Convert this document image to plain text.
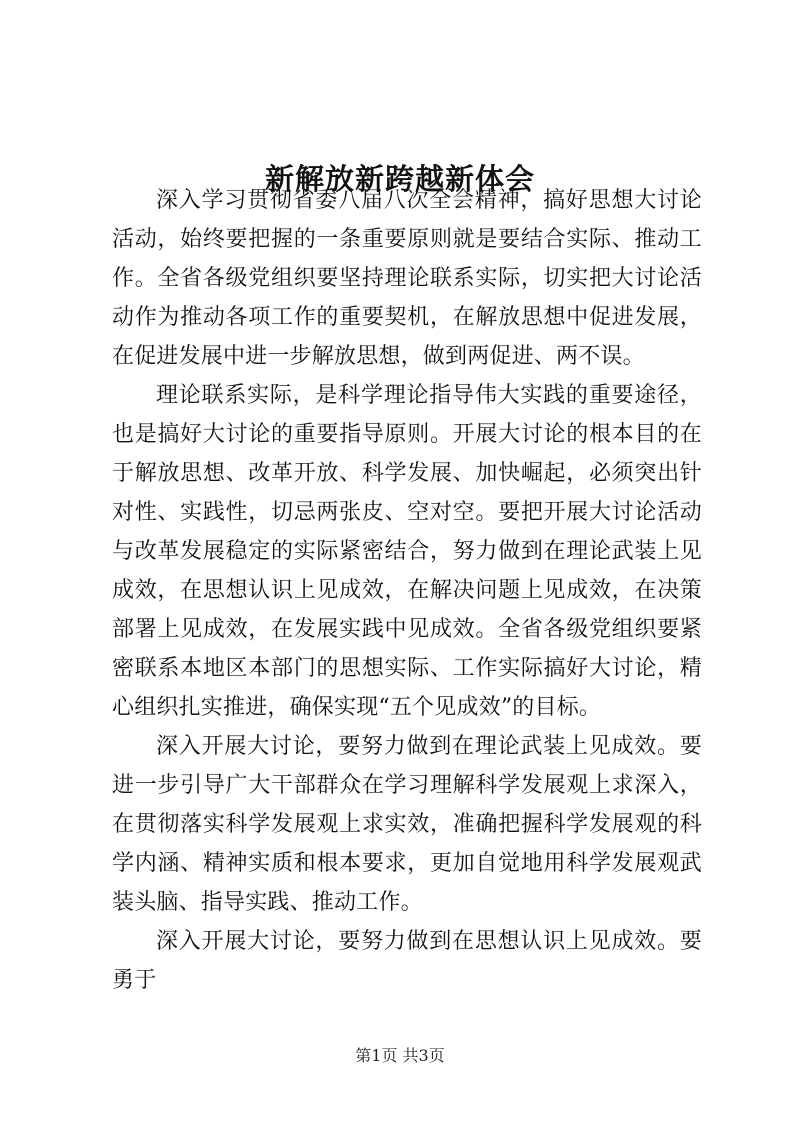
新解放新跨越新体会

深入学习贯彻省委八届八次全会精神，搞好思想大讨论活动，始终要把握的一条重要原则就是要结合实际、推动工作。全省各级党组织要坚持理论联系实际，切实把大讨论活动作为推动各项工作的重要契机，在解放思想中促进发展，在促进发展中进一步解放思想，做到两促进、两不误。

理论联系实际，是科学理论指导伟大实践的重要途径，也是搞好大讨论的重要指导原则。开展大讨论的根本目的在于解放思想、改革开放、科学发展、加快崛起，必须突出针对性、实践性，切忌两张皮、空对空。要把开展大讨论活动与改革发展稳定的实际紧密结合，努力做到在理论武装上见成效，在思想认识上见成效，在解决问题上见成效，在决策部署上见成效，在发展实践中见成效。全省各级党组织要紧密联系本地区本部门的思想实际、工作实际搞好大讨论，精心组织扎实推进，确保实现“五个见成效”的目标。

深入开展大讨论，要努力做到在理论武装上见成效。要进一步引导广大干部群众在学习理解科学发展观上求深入，在贯彻落实科学发展观上求实效，准确把握科学发展观的科学内涵、精神实质和根本要求，更加自觉地用科学发展观武装头脑、指导实践、推动工作。

深入开展大讨论，要努力做到在思想认识上见成效。要勇于

第1页 共3页
